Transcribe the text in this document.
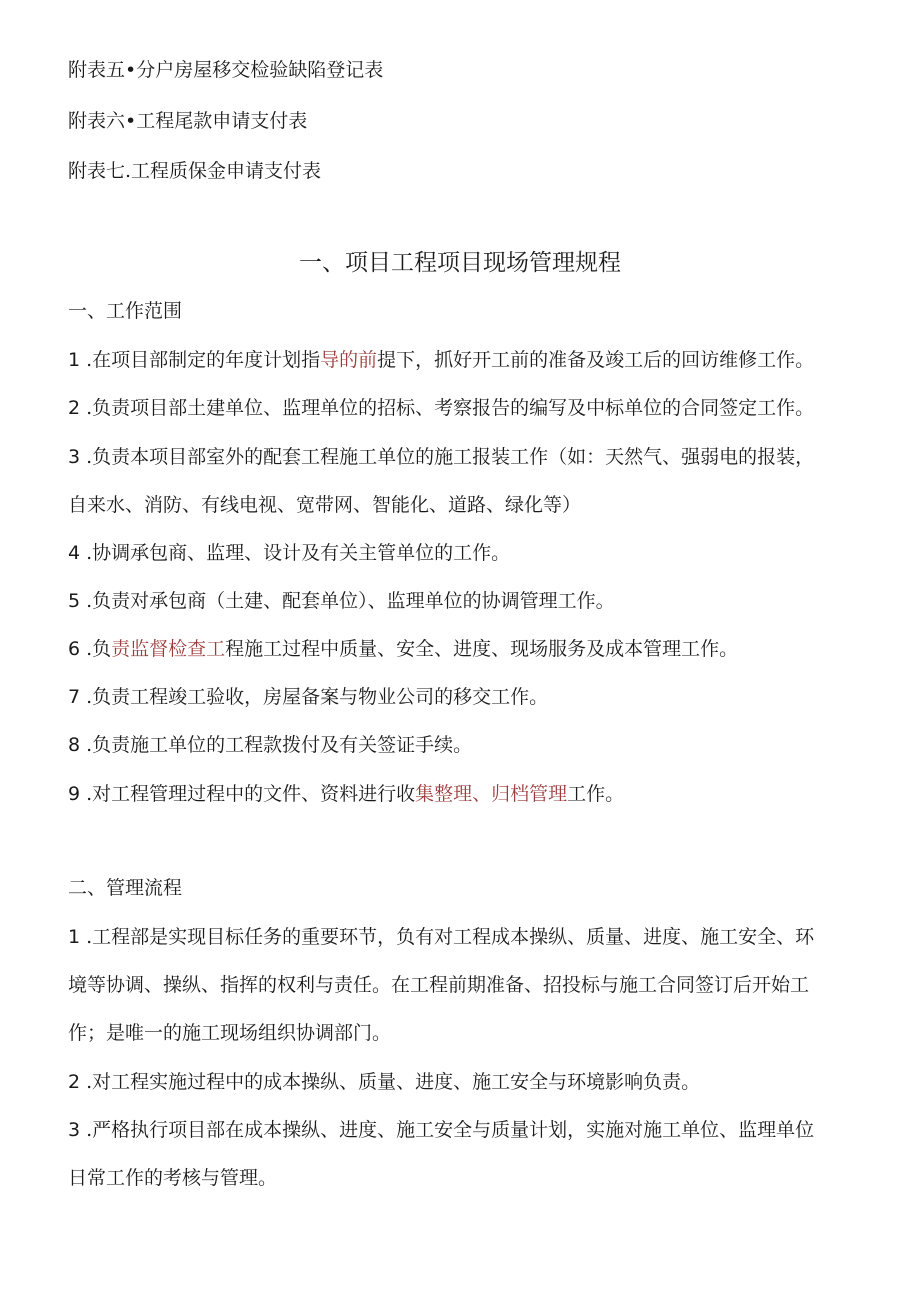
附表五•分户房屋移交检验缺陷登记表

附表六•工程尾款申请支付表

附表七.工程质保金申请支付表

一、项目工程项目现场管理规程

一、工作范围

1 .在项目部制定的年度计划指导的前提下，抓好开工前的准备及竣工后的回访维修工作。

2 .负责项目部土建单位、监理单位的招标、考察报告的编写及中标单位的合同签定工作。

3 .负责本项目部室外的配套工程施工单位的施工报装工作（如：天然气、强弱电的报装，

自来水、消防、有线电视、宽带网、智能化、道路、绿化等）

4 .协调承包商、监理、设计及有关主管单位的工作。

5 .负责对承包商（土建、配套单位）、监理单位的协调管理工作。

6 .负责监督检查工程施工过程中质量、安全、进度、现场服务及成本管理工作。

7 .负责工程竣工验收，房屋备案与物业公司的移交工作。

8 .负责施工单位的工程款拨付及有关签证手续。

9 .对工程管理过程中的文件、资料进行收集整理、归档管理工作。

二、管理流程

1 .工程部是实现目标任务的重要环节，负有对工程成本操纵、质量、进度、施工安全、环

境等协调、操纵、指挥的权利与责任。在工程前期准备、招投标与施工合同签订后开始工

作；是唯一的施工现场组织协调部门。

2 .对工程实施过程中的成本操纵、质量、进度、施工安全与环境影响负责。

3 .严格执行项目部在成本操纵、进度、施工安全与质量计划，实施对施工单位、监理单位

日常工作的考核与管理。
